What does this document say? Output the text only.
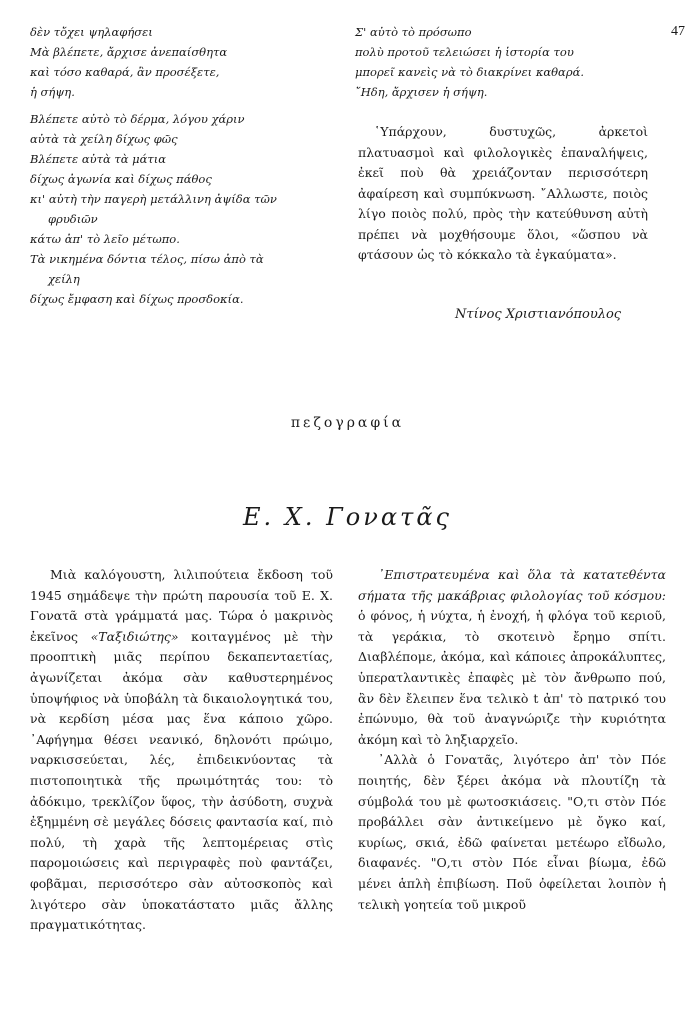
47
δὲν τὄχει ψηλαφήσει
Μὰ βλέπετε, ἄρχισε ἀνεπαίσθητα
καὶ τόσο καθαρά, ἂν προσέξετε,
ἡ σήψη.
Βλέπετε αὐτὸ τὸ δέρμα, λόγου χάριν
αὐτὰ τὰ χείλη δίχως φῶς
Βλέπετε αὐτὰ τὰ μάτια
δίχως ἀγωνία καὶ δίχως πάθος
κι' αὐτὴ τὴν παγερὴ μετάλλινη ἀψίδα τῶν
φρυδιῶν
κάτω ἀπ' τὸ λεῖο μέτωπο.
Τὰ νικημένα δόντια τέλος, πίσω ἀπὸ τὰ
χείλη
δίχως ἔμφαση καὶ δίχως προσδοκία.
Σ' αὐτὸ τὸ πρόσωπο
πολὺ προτοῦ τελειώσει ἡ ἱστορία του
μπορεῖ κανεὶς νὰ τὸ διακρίνει καθαρά.
῎Ηδη, ἄρχισεν ἡ σήψη.

῾Υπάρχουν, δυστυχῶς, ἀρκετοὶ πλατυασμοὶ καὶ φιλολογικὲς ἐπαναλήψεις, ἐκεῖ ποὺ θὰ χρειάζονταν περισσότερη ἀφαίρεση καὶ συμπύκνωση. ῎Αλλωστε, ποιὸς λίγο ποιὸς πολύ, πρὸς τὴν κατεύθυνση αὐτὴ πρέπει νὰ μοχθήσουμε ὅλοι, «ὥσπου νὰ φτάσουν ὡς τὸ κόκκαλο τὰ ἐγκαύματα».

Ντίνος Χριστιανόπουλος
πεζογραφία
Ε. Χ. Γονατᾶς

Μιὰ καλόγουστη, λιλιπούτεια ἔκδοση τοῦ 1945 σημάδεψε τὴν πρώτη παρουσία τοῦ Ε. Χ. Γονατᾶ στὰ γράμματά μας. Τώρα ὁ μακρινὸς ἐκεῖνος «Ταξιδιώτης» κοιταγμένος μὲ τὴν προοπτικὴ μιᾶς περίπου δεκαπενταετίας, ἀγωνίζεται ἀκόμα σὰν καθυστερημένος ὑποψήφιος νὰ ὑποβάλη τὰ δικαιολογητικά του, νὰ κερδίση μέσα μας ἕνα κάποιο χῶρο. ᾿Αφήγημα θέσει νεανικό, δηλονότι πρώιμο, ναρκισσεύεται, λές, ἐπιδεικνύοντας τὰ πιστοποιητικὰ τῆς πρωιμότητάς του: τὸ ἀδόκιμο, τρεκλίζον ὕφος, τὴν ἀσύδοτη, συχνὰ ἐξημμένη σὲ μεγάλες δόσεις φαντασία καί, πιὸ πολύ, τὴ χαρὰ τῆς λεπτομέρειας στὶς παρομοιώσεις καὶ περιγραφὲς ποὺ φαντάζει, φοβᾶμαι, περισσότερο σὰν αὐτοσκοπὸς καὶ λιγότερο σὰν ὑποκατάστατο μιᾶς ἄλλης πραγματικότητας.

᾿Επιστρατευμένα καὶ ὅλα τὰ κατατεθέντα σήματα τῆς μακάβριας φιλολογίας τοῦ κόσμου: ὁ φόνος, ἡ νύχτα, ἡ ἐνοχή, ἡ φλόγα τοῦ κεριοῦ, τὰ γεράκια, τὸ σκοτεινὸ ἔρημο σπίτι. Διαβλέπομε, ἀκόμα, καὶ κάποιες ἀπροκάλυπτες, ὑπερατλαντικὲς ἐπαφὲς μὲ τὸν ἄνθρωπο πού, ἂν δὲν ἔλειπεν ἕνα τελικὸ t ἀπ' τὸ πατρικό του ἐπώνυμο, θὰ τοῦ ἀναγνώριζε τὴν κυριότητα ἀκόμη καὶ τὸ ληξιαρχεῖο.

᾿Αλλὰ ὁ Γονατᾶς, λιγότερο ἀπ' τὸν Πόε ποιητής, δὲν ξέρει ἀκόμα νὰ πλουτίζη τὰ σύμβολά του μὲ φωτοσκιάσεις. "Ο,τι στὸν Πόε προβάλλει σὰν ἀντικείμενο μὲ ὄγκο καί, κυρίως, σκιά, ἐδῶ φαίνεται μετέωρο εἴδωλο, διαφανές. "Ο,τι στὸν Πόε εἶναι βίωμα, ἐδῶ μένει ἁπλὴ ἐπιβίωση. Ποῦ ὀφείλεται λοιπὸν ἡ τελικὴ γοητεία τοῦ μικροῦ
